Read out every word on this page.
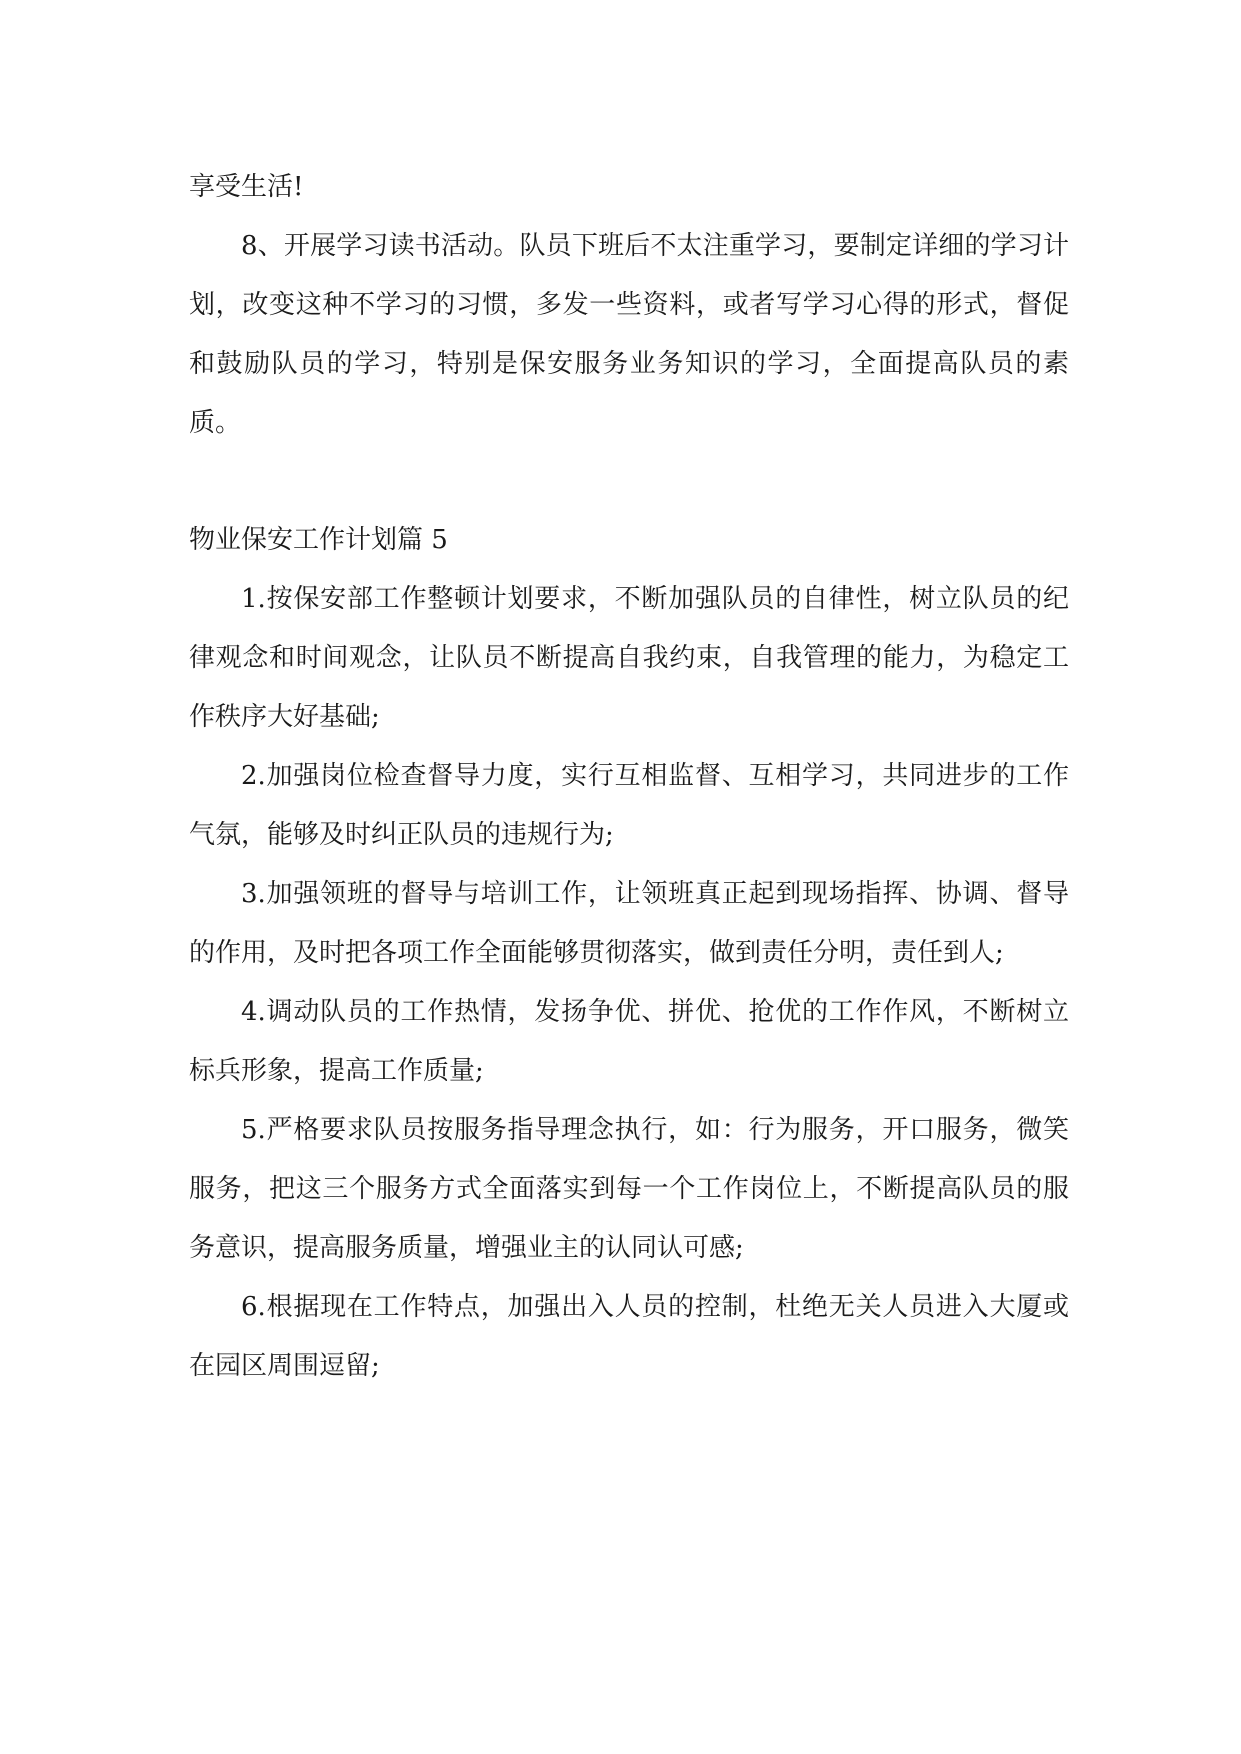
享受生活!

8、开展学习读书活动。队员下班后不太注重学习，要制定详细的学习计划，改变这种不学习的习惯，多发一些资料，或者写学习心得的形式，督促和鼓励队员的学习，特别是保安服务业务知识的学习，全面提高队员的素质。

物业保安工作计划篇 5

1.按保安部工作整顿计划要求，不断加强队员的自律性，树立队员的纪律观念和时间观念，让队员不断提高自我约束，自我管理的能力，为稳定工作秩序大好基础;

2.加强岗位检查督导力度，实行互相监督、互相学习，共同进步的工作气氛，能够及时纠正队员的违规行为;

3.加强领班的督导与培训工作，让领班真正起到现场指挥、协调、督导的作用，及时把各项工作全面能够贯彻落实，做到责任分明，责任到人;

4.调动队员的工作热情，发扬争优、拼优、抢优的工作作风，不断树立标兵形象，提高工作质量;

5.严格要求队员按服务指导理念执行，如：行为服务，开口服务，微笑服务，把这三个服务方式全面落实到每一个工作岗位上，不断提高队员的服务意识，提高服务质量，增强业主的认同认可感;

6.根据现在工作特点，加强出入人员的控制，杜绝无关人员进入大厦或在园区周围逗留;
